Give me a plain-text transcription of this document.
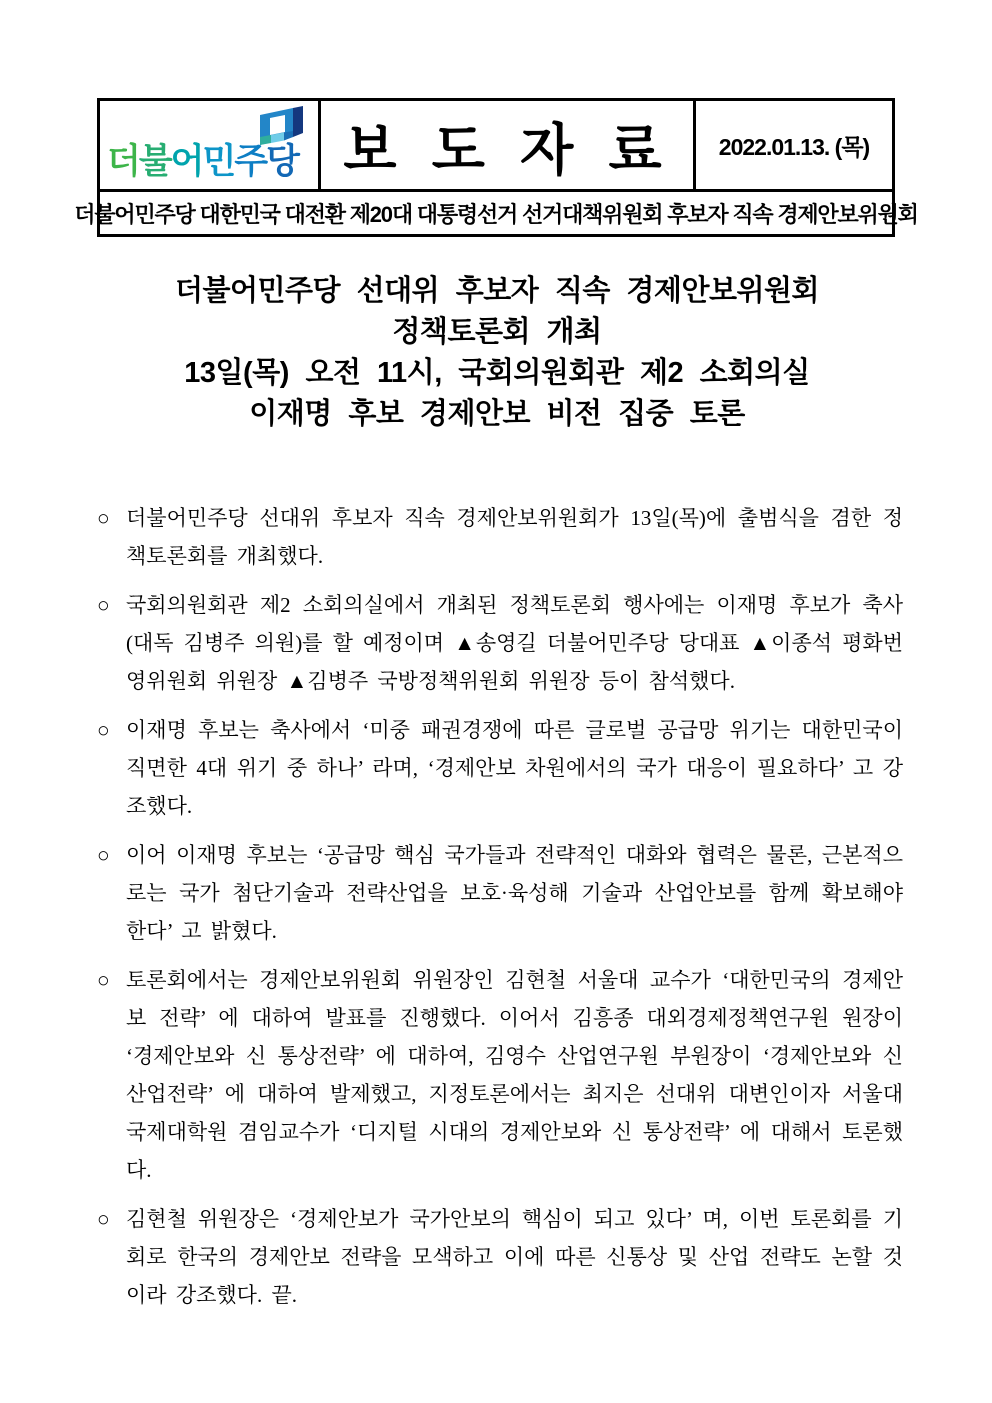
더불어민주당 보 도 자 료 2022.01.13. (목)
더불어민주당 대한민국 대전환 제20대 대통령선거 선거대책위원회 후보자 직속 경제안보위원회
더불어민주당 선대위 후보자 직속 경제안보위원회
정책토론회 개최
13일(목) 오전 11시, 국회의원회관 제2 소회의실
이재명 후보 경제안보 비전 집중 토론
○ 더불어민주당 선대위 후보자 직속 경제안보위원회가 13일(목)에 출범식을 겸한 정책토론회를 개최했다.
○ 국회의원회관 제2 소회의실에서 개최된 정책토론회 행사에는 이재명 후보가 축사(대독 김병주 의원)를 할 예정이며 ▲송영길 더불어민주당 당대표 ▲이종석 평화번영위원회 위원장 ▲김병주 국방정책위원회 위원장 등이 참석했다.
○ 이재명 후보는 축사에서 ‘미중 패권경쟁에 따른 글로벌 공급망 위기는 대한민국이 직면한 4대 위기 중 하나’ 라며, ‘경제안보 차원에서의 국가 대응이 필요하다’ 고 강조했다.
○ 이어 이재명 후보는 ‘공급망 핵심 국가들과 전략적인 대화와 협력은 물론, 근본적으로는 국가 첨단기술과 전략산업을 보호·육성해 기술과 산업안보를 함께 확보해야 한다’ 고 밝혔다.
○ 토론회에서는 경제안보위원회 위원장인 김현철 서울대 교수가 ‘대한민국의 경제안보 전략’ 에 대하여 발표를 진행했다. 이어서 김흥종 대외경제정책연구원 원장이 ‘경제안보와 신 통상전략’ 에 대하여, 김영수 산업연구원 부원장이 ‘경제안보와 신 산업전략’ 에 대하여 발제했고, 지정토론에서는 최지은 선대위 대변인이자 서울대 국제대학원 겸임교수가 ‘디지털 시대의 경제안보와 신 통상전략’ 에 대해서 토론했다.
○ 김현철 위원장은 ‘경제안보가 국가안보의 핵심이 되고 있다’ 며, 이번 토론회를 기회로 한국의 경제안보 전략을 모색하고 이에 따른 신통상 및 산업 전략도 논할 것이라 강조했다. 끝.
